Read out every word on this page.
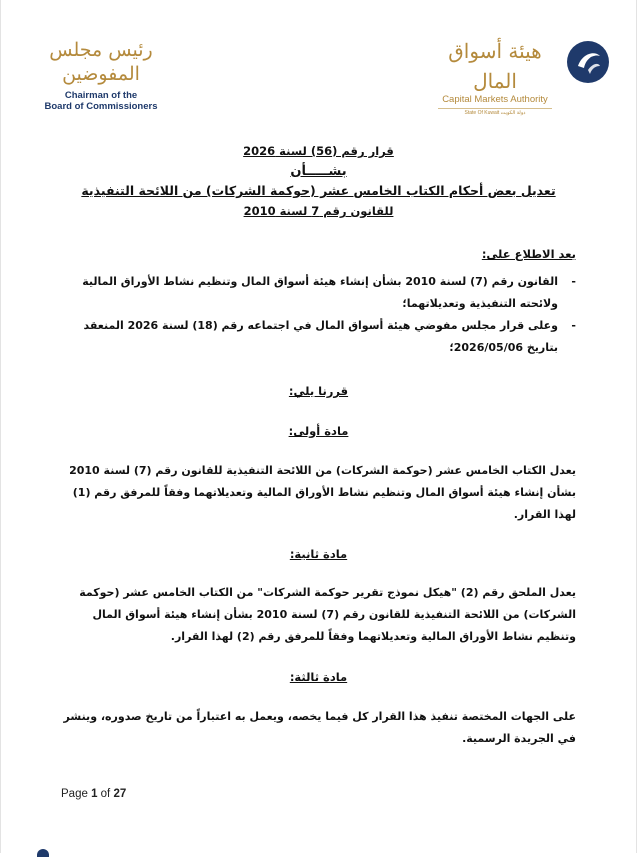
رئيس مجلس المفوضين
Chairman of the
Board of Commissioners
هيئة أسواق المال
Capital Markets Authority
State Of Kuwait دولة الكويت
قرار رقم (56) لسنة 2026
بشـــــأن
تعديل بعض أحكام الكتاب الخامس عشر (حوكمة الشركات) من اللائحة التنفيذية
للقانون رقم 7 لسنة 2010
بعد الاطلاع على:
-
القانون رقم (7) لسنة 2010 بشأن إنشاء هيئة أسواق المال وتنظيم نشاط الأوراق المالية ولائحته التنفيذية وتعديلاتهما؛
-
وعلى قرار مجلس مفوضي هيئة أسواق المال في اجتماعه رقم (18) لسنة 2026 المنعقد بتاريخ 2026/05/06؛
قررنا يلي:
مادة أولى:
يعدل الكتاب الخامس عشر (حوكمة الشركات) من اللائحة التنفيذية للقانون رقم (7) لسنة 2010 بشأن إنشاء هيئة أسواق المال وتنظيم نشاط الأوراق المالية وتعديلاتهما وفقاً للمرفق رقم (1) لهذا القرار.
مادة ثانية:
يعدل الملحق رقم (2) "هيكل نموذج تقرير حوكمة الشركات" من الكتاب الخامس عشر (حوكمة الشركات) من اللائحة التنفيذية للقانون رقم (7) لسنة 2010 بشأن إنشاء هيئة أسواق المال وتنظيم نشاط الأوراق المالية وتعديلاتهما وفقاً للمرفق رقم (2) لهذا القرار.
مادة ثالثة:
على الجهات المختصة تنفيذ هذا القرار كل فيما يخصه، ويعمل به اعتباراً من تاريخ صدوره، وينشر في الجريدة الرسمية.
Page 1 of 27
